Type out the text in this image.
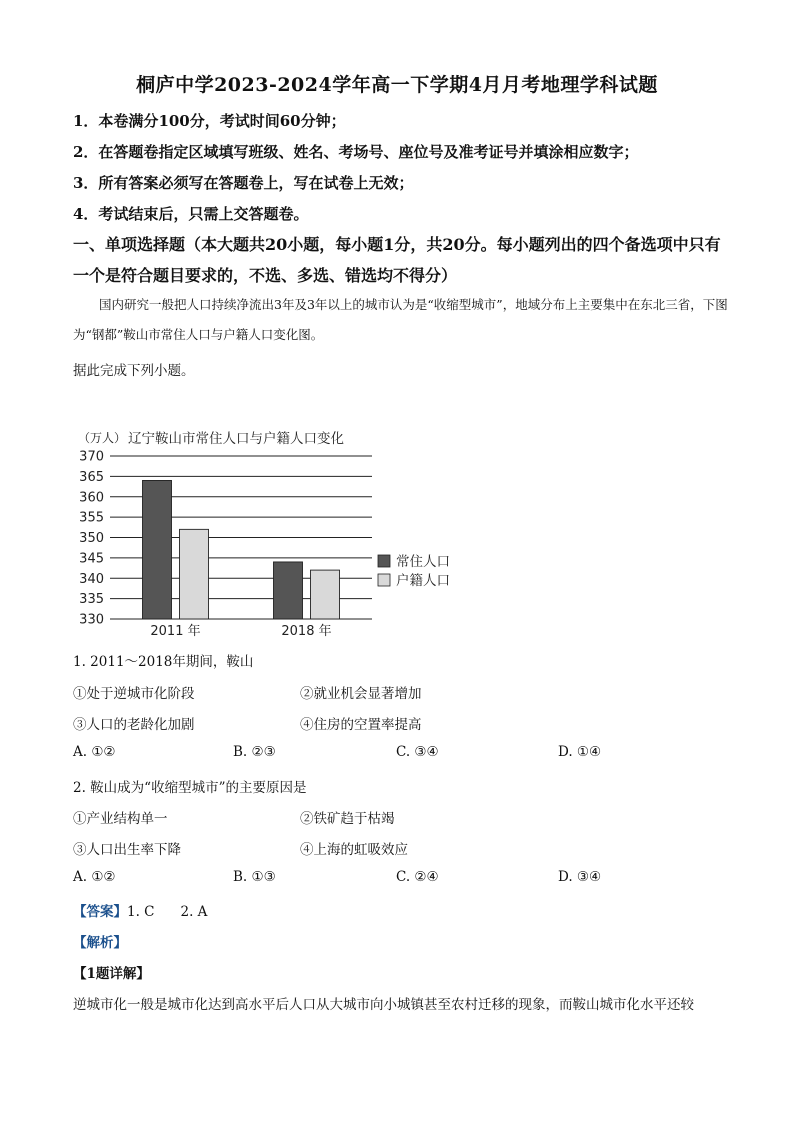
桐庐中学2023-2024学年高一下学期4月月考地理学科试题
1．本卷满分100分，考试时间60分钟；
2．在答题卷指定区域填写班级、姓名、考场号、座位号及准考证号并填涂相应数字；
3．所有答案必须写在答题卷上，写在试卷上无效；
4．考试结束后，只需上交答题卷。
一、单项选择题（本大题共20小题，每小题1分，共20分。每小题列出的四个备选项中只有一个是符合题目要求的，不选、多选、错选均不得分）
国内研究一般把人口持续净流出3年及3年以上的城市认为是“收缩型城市”，地域分布上主要集中在东北三省，下图为“钢都”鞍山市常住人口与户籍人口变化图。
据此完成下列小题。
（万人） 辽宁鞍山市常住人口与户籍人口变化
330
335
340
345
350
355
360
365
370
2011 年	2018 年
常住人口
户籍人口
1. 2011～2018年期间，鞍山
①处于逆城市化阶段	②就业机会显著增加
③人口的老龄化加剧	④住房的空置率提高
A. ①②	B. ②③	C. ③④	D. ①④
2. 鞍山成为“收缩型城市”的主要原因是
①产业结构单一	②铁矿趋于枯竭
③人口出生率下降	④上海的虹吸效应
A. ①②	B. ①③	C. ②④	D. ③④
【答案】1. C 2. A
【解析】
【1题详解】
逆城市化一般是城市化达到高水平后人口从大城市向小城镇甚至农村迁移的现象，而鞍山城市化水平还较
